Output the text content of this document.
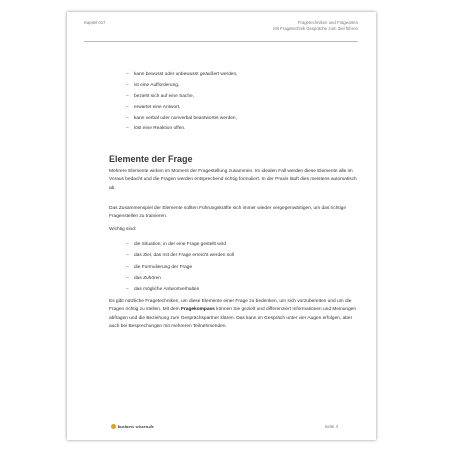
Kapitel 017	Fragetechniken und Fragearten
Mit Fragetechnik Gespräche zum Ziel führen
– kann bewusst oder unbewusst geäußert werden,
– ist eine Aufforderung,
– bezieht sich auf eine Sache,
– erwartet eine Antwort,
– kann verbal oder nonverbal beantwortet werden,
– löst eine Reaktion offen.
Elemente der Frage

Mehrere Elemente wirken im Moment der Fragestellung zusammen. Im idealen Fall werden diese Elemente alle im Voraus bedacht und die Fragen werden entsprechend richtig formuliert. In der Praxis läuft dies meistens automatisch ab.

Das Zusammenspiel der Elemente sollten Führungskräfte sich immer wieder vergegenwärtigen, um das richtige Fragenstellen zu trainieren.

Wichtig sind:

– die Situation, in der eine Frage gestellt wird
– das Ziel, das mit der Frage erreicht werden soll
– die Formulierung der Frage
– das Zuhören
– das mögliche Antwortverhalten

Es gibt nützliche Fragetechniken, um diese Elemente einer Frage zu bedenken, um sich vorzubereiten und um die Fragen richtig zu stellen. Mit dem Fragekompass können Sie gezielt und differenziert Informationen und Meinungen abfragen und die Beziehung zum Gesprächspartner klären. Das kann im Gespräch unter vier Augen erfolgen, aber auch bei Besprechungen mit mehreren Teilnehmenden.

business-wissen.de	Seite 4
